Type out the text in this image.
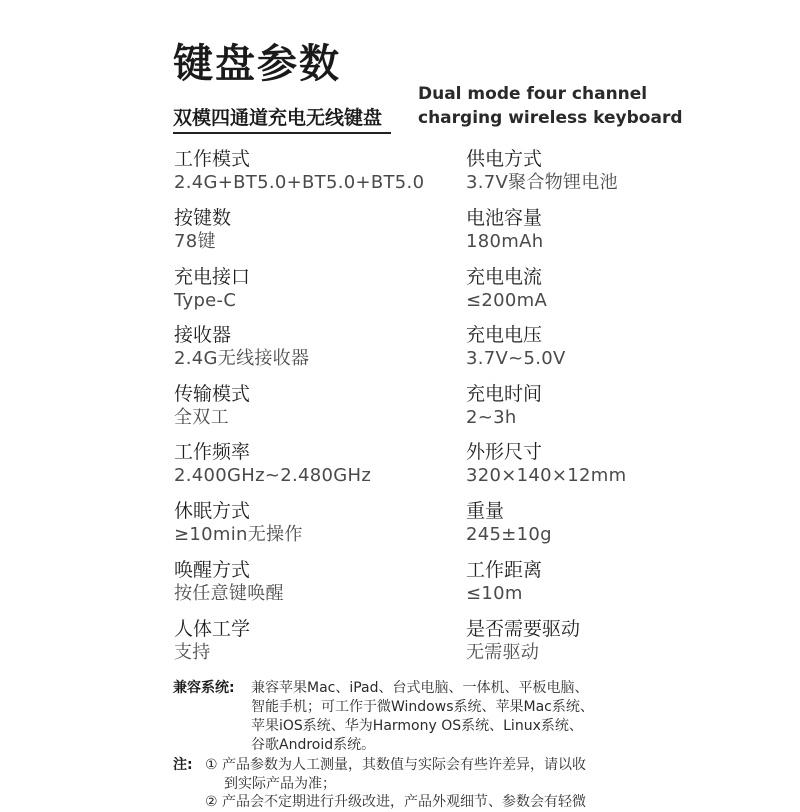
键盘参数
Dual mode four channel
charging wireless keyboard
双模四通道充电无线键盘
工作模式
2.4G+BT5.0+BT5.0+BT5.0
按键数
78键
充电接口
Type-C
接收器
2.4G无线接收器
传输模式
全双工
工作频率
2.400GHz~2.480GHz
休眠方式
≥10min无操作
唤醒方式
按任意键唤醒
人体工学
支持
供电方式
3.7V聚合物锂电池
电池容量
180mAh
充电电流
≤200mA
充电电压
3.7V~5.0V
充电时间
2~3h
外形尺寸
320×140×12mm
重量
245±10g
工作距离
≤10m
是否需要驱动
无需驱动
兼容系统: 兼容苹果Mac、iPad、台式电脑、一体机、平板电脑、
智能手机；可工作于微Windows系统、苹果Mac系统、
苹果iOS系统、华为Harmony OS系统、Linux系统、
谷歌Android系统。
注: ① 产品参数为人工测量，其数值与实际会有些许差异，请以收
到实际产品为准；
② 产品会不定期进行升级改进，产品外观细节、参数会有轻微
